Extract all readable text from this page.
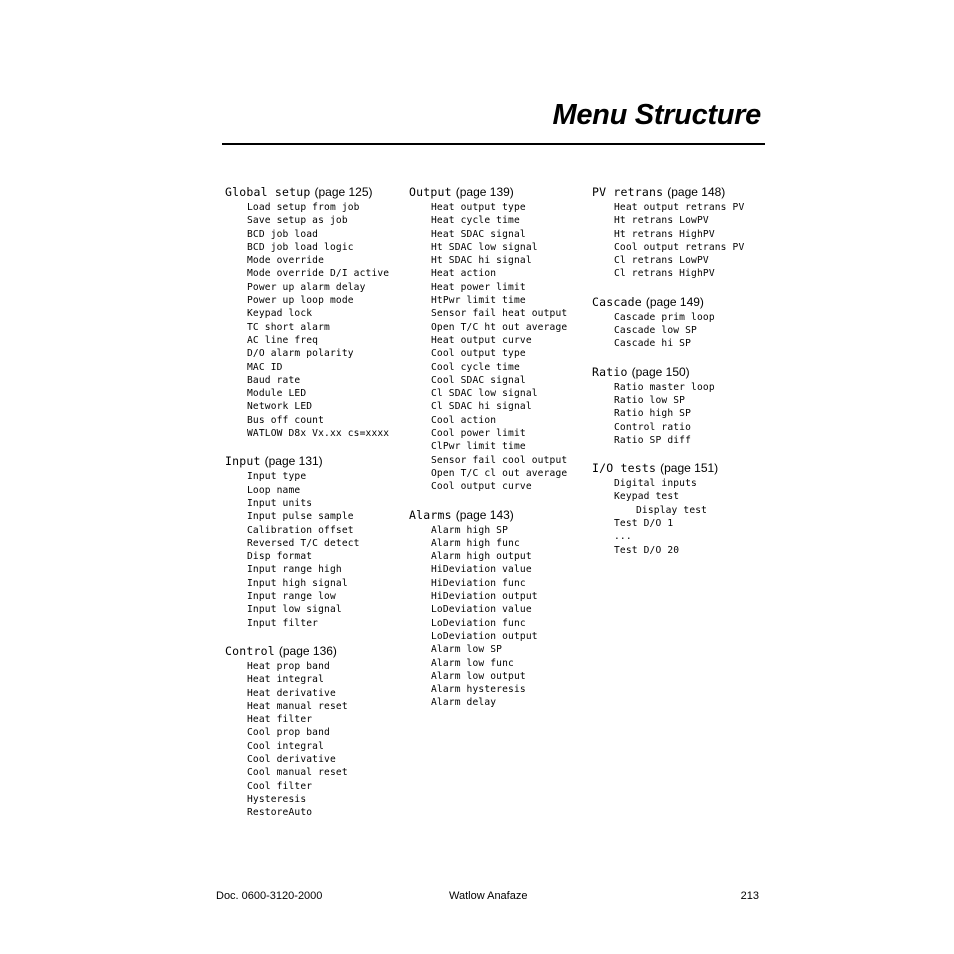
Menu Structure
Global setup (page 125)
Load setup from job
Save setup as job
BCD job load
BCD job load logic
Mode override
Mode override D/I active
Power up alarm delay
Power up loop mode
Keypad lock
TC short alarm
AC line freq
D/O alarm polarity
MAC ID
Baud rate
Module LED
Network LED
Bus off count
WATLOW D8x Vx.xx cs=xxxx
Input (page 131)
Input type
Loop name
Input units
Input pulse sample
Calibration offset
Reversed T/C detect
Disp format
Input range high
Input high signal
Input range low
Input low signal
Input filter
Control (page 136)
Heat prop band
Heat integral
Heat derivative
Heat manual reset
Heat filter
Cool prop band
Cool integral
Cool derivative
Cool manual reset
Cool filter
Hysteresis
RestoreAuto
Output (page 139)
Heat output type
Heat cycle time
Heat SDAC signal
Ht SDAC low signal
Ht SDAC hi signal
Heat action
Heat power limit
HtPwr limit time
Sensor fail heat output
Open T/C ht out average
Heat output curve
Cool output type
Cool cycle time
Cool SDAC signal
Cl SDAC low signal
Cl SDAC hi signal
Cool action
Cool power limit
ClPwr limit time
Sensor fail cool output
Open T/C cl out average
Cool output curve
Alarms (page 143)
Alarm high SP
Alarm high func
Alarm high output
HiDeviation value
HiDeviation func
HiDeviation output
LoDeviation value
LoDeviation func
LoDeviation output
Alarm low SP
Alarm low func
Alarm low output
Alarm hysteresis
Alarm delay
PV retrans (page 148)
Heat output retrans PV
Ht retrans LowPV
Ht retrans HighPV
Cool output retrans PV
Cl retrans LowPV
Cl retrans HighPV
Cascade (page 149)
Cascade prim loop
Cascade low SP
Cascade hi SP
Ratio (page 150)
Ratio master loop
Ratio low SP
Ratio high SP
Control ratio
Ratio SP diff
I/O tests (page 151)
Digital inputs
Keypad test
Display test
Test D/O 1
...
Test D/O 20
Doc. 0600-3120-2000	Watlow Anafaze	213
